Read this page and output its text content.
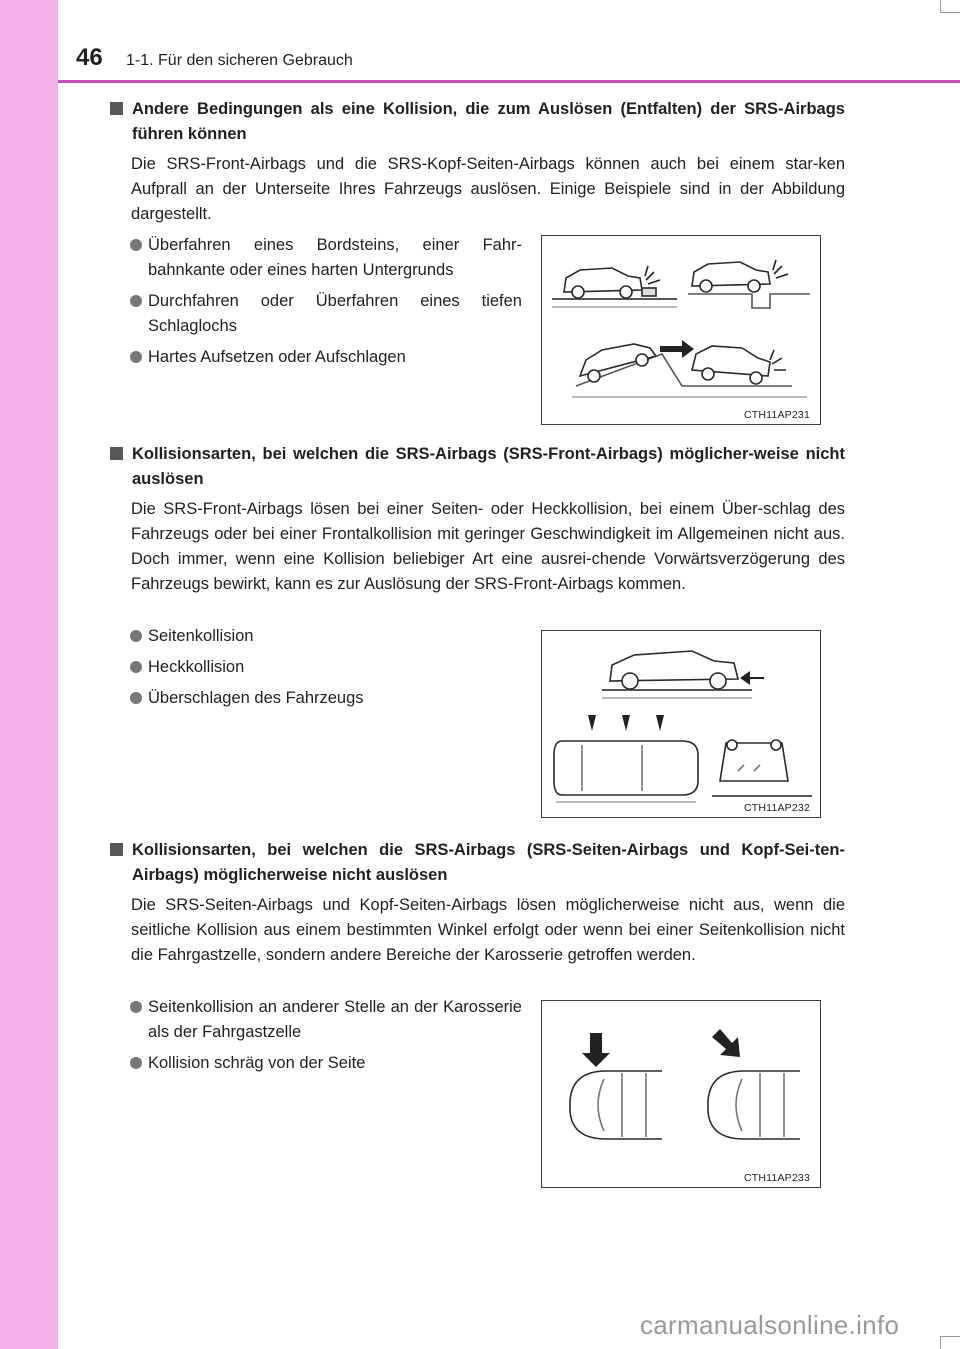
46 1-1. Für den sicheren Gebrauch

Andere Bedingungen als eine Kollision, die zum Auslösen (Entfalten) der SRS-Airbags führen können

Die SRS-Front-Airbags und die SRS-Kopf-Seiten-Airbags können auch bei einem star-ken Aufprall an der Unterseite Ihres Fahrzeugs auslösen. Einige Beispiele sind in der Abbildung dargestellt.

Überfahren eines Bordsteins, einer Fahr-bahnkante oder eines harten Untergrunds
Durchfahren oder Überfahren eines tiefen Schlaglochs
Hartes Aufsetzen oder Aufschlagen
CTH11AP231

Kollisionsarten, bei welchen die SRS-Airbags (SRS-Front-Airbags) möglicher-weise nicht auslösen

Die SRS-Front-Airbags lösen bei einer Seiten- oder Heckkollision, bei einem Über-schlag des Fahrzeugs oder bei einer Frontalkollision mit geringer Geschwindigkeit im Allgemeinen nicht aus. Doch immer, wenn eine Kollision beliebiger Art eine ausrei-chende Vorwärtsverzögerung des Fahrzeugs bewirkt, kann es zur Auslösung der SRS-Front-Airbags kommen.

Seitenkollision
Heckkollision
Überschlagen des Fahrzeugs
CTH11AP232

Kollisionsarten, bei welchen die SRS-Airbags (SRS-Seiten-Airbags und Kopf-Sei-ten-Airbags) möglicherweise nicht auslösen

Die SRS-Seiten-Airbags und Kopf-Seiten-Airbags lösen möglicherweise nicht aus, wenn die seitliche Kollision aus einem bestimmten Winkel erfolgt oder wenn bei einer Seitenkollision nicht die Fahrgastzelle, sondern andere Bereiche der Karosserie getroffen werden.

Seitenkollision an anderer Stelle an der Karosserie als der Fahrgastzelle
Kollision schräg von der Seite
CTH11AP233
carmanualsonline.info
